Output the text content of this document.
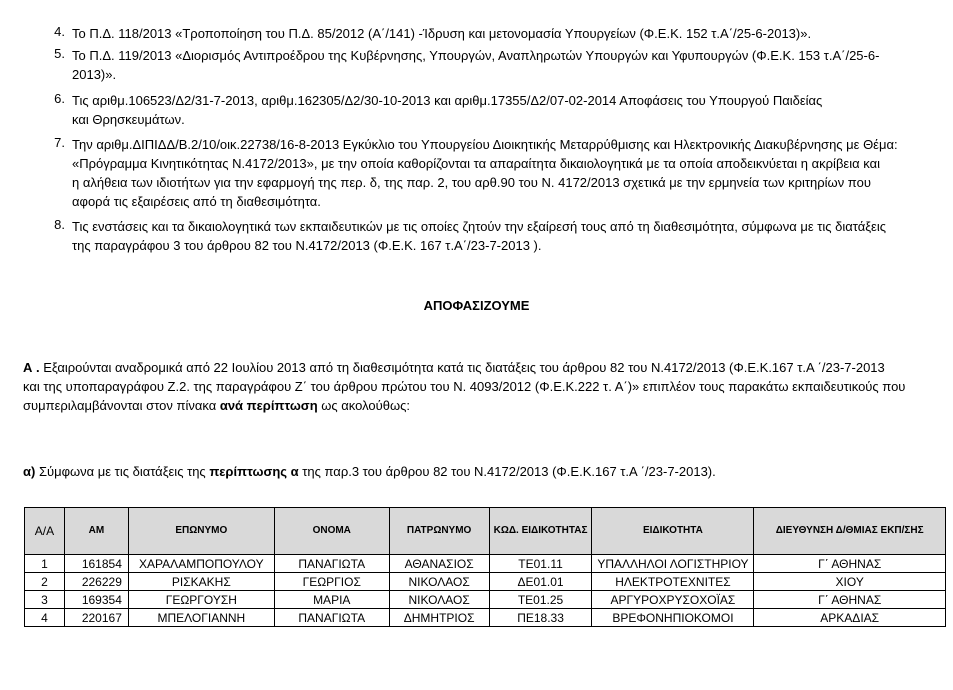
4. Το Π.Δ. 118/2013 «Τροποποίηση του Π.Δ. 85/2012 (Α΄/141) -Ίδρυση και μετονομασία Υπουργείων (Φ.Ε.Κ. 152 τ.Α΄/25-6-2013)».
5. Το Π.Δ. 119/2013 «Διορισμός Αντιπροέδρου της Κυβέρνησης, Υπουργών, Αναπληρωτών Υπουργών και Υφυπουργών (Φ.Ε.Κ. 153 τ.Α΄/25-6-
2013)».
6. Τις αριθμ.106523/Δ2/31-7-2013, αριθμ.162305/Δ2/30-10-2013 και αριθμ.17355/Δ2/07-02-2014 Αποφάσεις του Υπουργού Παιδείας
και Θρησκευμάτων.
7. Την αριθμ.ΔΙΠΙΔΔ/Β.2/10/οικ.22738/16-8-2013 Εγκύκλιο του Υπουργείου Διοικητικής Μεταρρύθμισης και Ηλεκτρονικής Διακυβέρνησης με Θέμα:
«Πρόγραμμα Κινητικότητας Ν.4172/2013», με την οποία καθορίζονται τα απαραίτητα δικαιολογητικά με τα οποία αποδεικνύεται η ακρίβεια και
η αλήθεια των ιδιοτήτων για την εφαρμογή της περ. δ, της παρ. 2, του αρθ.90 του Ν. 4172/2013 σχετικά με την ερμηνεία των κριτηρίων που
αφορά τις εξαιρέσεις από τη διαθεσιμότητα.
8. Τις ενστάσεις και τα δικαιολογητικά των εκπαιδευτικών με τις οποίες ζητούν την εξαίρεσή τους από τη διαθεσιμότητα, σύμφωνα με τις διατάξεις
της παραγράφου 3 του άρθρου 82 του Ν.4172/2013 (Φ.Ε.Κ. 167 τ.Α΄/23-7-2013 ).
ΑΠΟΦΑΣΙΖΟΥΜΕ
Α . Εξαιρούνται αναδρομικά από 22 Ιουλίου 2013 από τη διαθεσιμότητα κατά τις διατάξεις του άρθρου 82 του Ν.4172/2013 (Φ.Ε.Κ.167 τ.Α ΄/23-7-2013
και της υποπαραγράφου Ζ.2. της παραγράφου Ζ΄ του άρθρου πρώτου του Ν. 4093/2012 (Φ.Ε.Κ.222 τ. Α΄)» επιπλέον τους παρακάτω εκπαιδευτικούς που
συμπεριλαμβάνονται στον πίνακα ανά περίπτωση ως ακολούθως:
α) Σύμφωνα με τις διατάξεις της περίπτωσης α της παρ.3 του άρθρου 82 του Ν.4172/2013 (Φ.Ε.Κ.167 τ.Α ΄/23-7-2013).
Α/Α	ΑΜ	ΕΠΩΝΥΜΟ	ΟΝΟΜΑ	ΠΑΤΡΩΝΥΜΟ	ΚΩΔ. ΕΙΔΙΚΟΤΗΤΑΣ	ΕΙΔΙΚΟΤΗΤΑ	ΔΙΕΥΘΥΝΣΗ Δ/ΘΜΙΑΣ ΕΚΠ/ΣΗΣ
1	161854	ΧΑΡΑΛΑΜΠΟΠΟΥΛΟΥ	ΠΑΝΑΓΙΩΤΑ	ΑΘΑΝΑΣΙΟΣ	ΤΕ01.11	ΥΠΑΛΛΗΛΟΙ ΛΟΓΙΣΤΗΡΙΟΥ	Γ΄ ΑΘΗΝΑΣ
2	226229	ΡΙΣΚΑΚΗΣ	ΓΕΩΡΓΙΟΣ	ΝΙΚΟΛΑΟΣ	ΔΕ01.01	ΗΛΕΚΤΡΟΤΕΧΝΙΤΕΣ	ΧΙΟΥ
3	169354	ΓΕΩΡΓΟΥΣΗ	ΜΑΡΙΑ	ΝΙΚΟΛΑΟΣ	ΤΕ01.25	ΑΡΓΥΡΟΧΡΥΣΟΧΟΪΑΣ	Γ΄ ΑΘΗΝΑΣ
4	220167	ΜΠΕΛΟΓΙΑΝΝΗ	ΠΑΝΑΓΙΩΤΑ	ΔΗΜΗΤΡΙΟΣ	ΠΕ18.33	ΒΡΕΦΟΝΗΠΙΟΚΟΜΟΙ	ΑΡΚΑΔΙΑΣ
